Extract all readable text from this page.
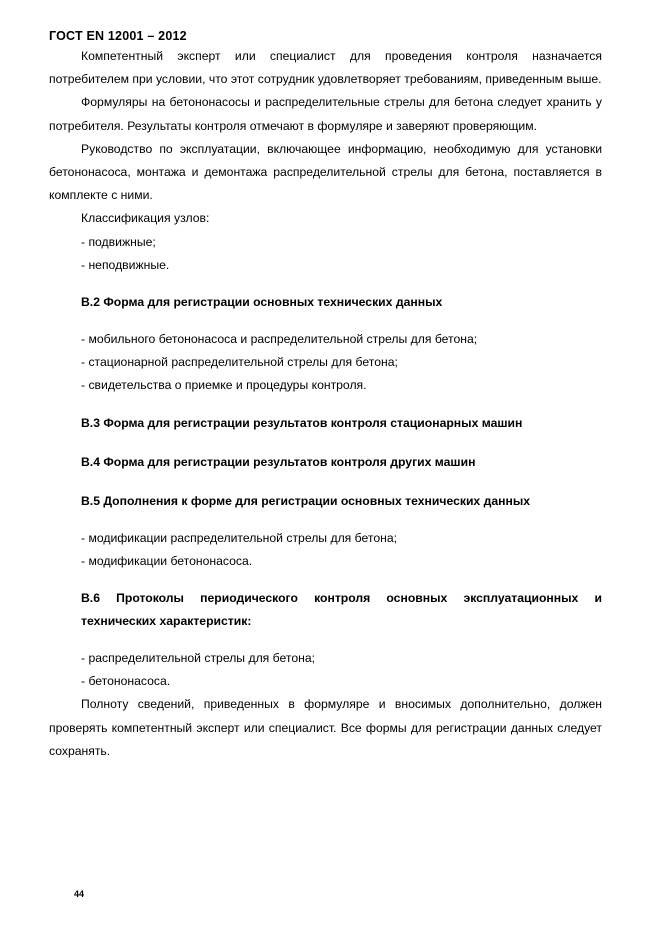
ГОСТ EN 12001 – 2012

Компетентный эксперт или специалист для проведения контроля назначается потребителем при условии, что этот сотрудник удовлетворяет требованиям, приведенным выше.

Формуляры на бетононасосы и распределительные стрелы для бетона следует хранить у потребителя. Результаты контроля отмечают в формуляре и заверяют проверяющим.

Руководство по эксплуатации, включающее информацию, необходимую для установки бетононасоса, монтажа и демонтажа распределительной стрелы для бетона, поставляется в комплекте с ними.

Классификация узлов:

- подвижные;

- неподвижные.

В.2 Форма для регистрации основных технических данных

- мобильного бетононасоса и распределительной стрелы для бетона;

- стационарной распределительной стрелы для бетона;

- свидетельства о приемке и процедуры контроля.

В.3 Форма для регистрации результатов контроля стационарных машин

В.4 Форма для регистрации результатов контроля других машин

В.5 Дополнения к форме для регистрации основных технических данных

- модификации распределительной стрелы для бетона;

- модификации бетононасоса.

В.6 Протоколы периодического контроля основных эксплуатационных и технических характеристик:

- распределительной стрелы для бетона;

- бетононасоса.

Полноту сведений, приведенных в формуляре и вносимых дополнительно, должен проверять компетентный эксперт или специалист. Все формы для регистрации данных следует сохранять.

44
